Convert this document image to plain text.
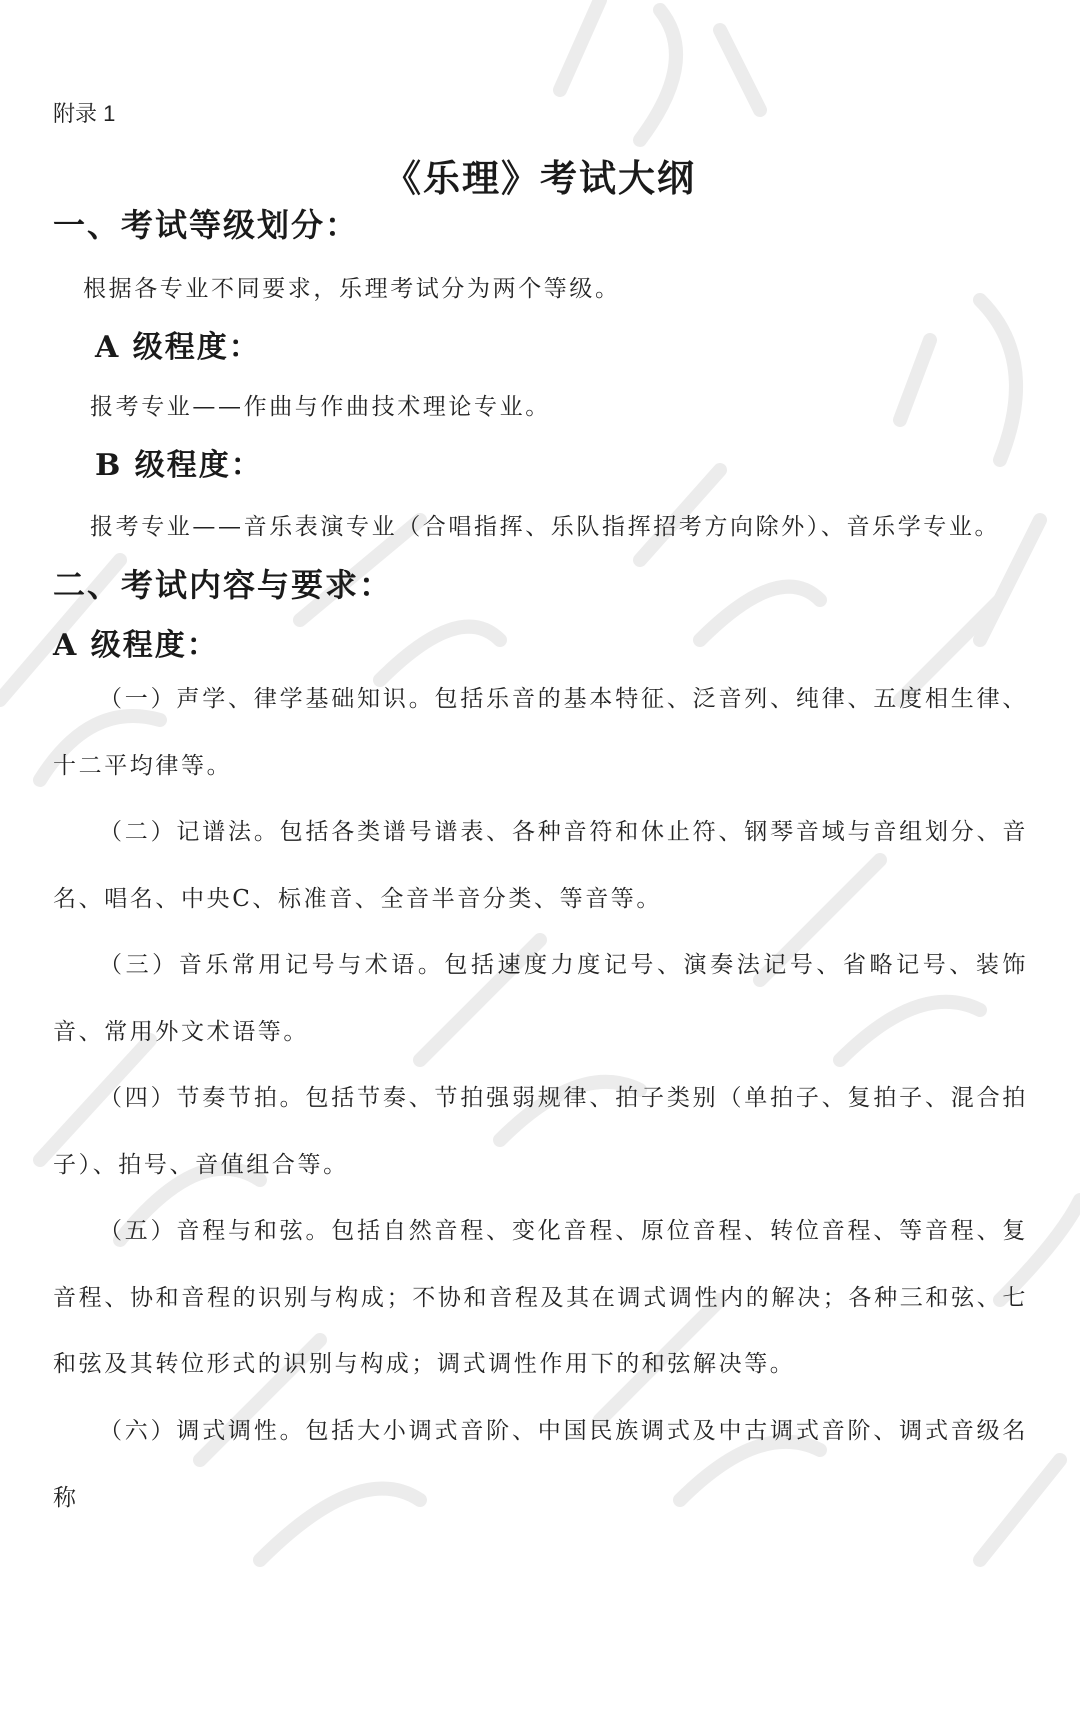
附录 1
《乐理》考试大纲
一、考试等级划分：
根据各专业不同要求，乐理考试分为两个等级。
A 级程度：
报考专业——作曲与作曲技术理论专业。
B 级程度：
报考专业——音乐表演专业（合唱指挥、乐队指挥招考方向除外）、音乐学专业。
二、考试内容与要求：
A 级程度：

（一）声学、律学基础知识。包括乐音的基本特征、泛音列、纯律、五度相生律、十二平均律等。

（二）记谱法。包括各类谱号谱表、各种音符和休止符、钢琴音域与音组划分、音名、唱名、中央C、标准音、全音半音分类、等音等。

（三）音乐常用记号与术语。包括速度力度记号、演奏法记号、省略记号、装饰音、常用外文术语等。

（四）节奏节拍。包括节奏、节拍强弱规律、拍子类别（单拍子、复拍子、混合拍子）、拍号、音值组合等。

（五）音程与和弦。包括自然音程、变化音程、原位音程、转位音程、等音程、复音程、协和音程的识别与构成；不协和音程及其在调式调性内的解决；各种三和弦、七和弦及其转位形式的识别与构成；调式调性作用下的和弦解决等。

（六）调式调性。包括大小调式音阶、中国民族调式及中古调式音阶、调式音级名称
